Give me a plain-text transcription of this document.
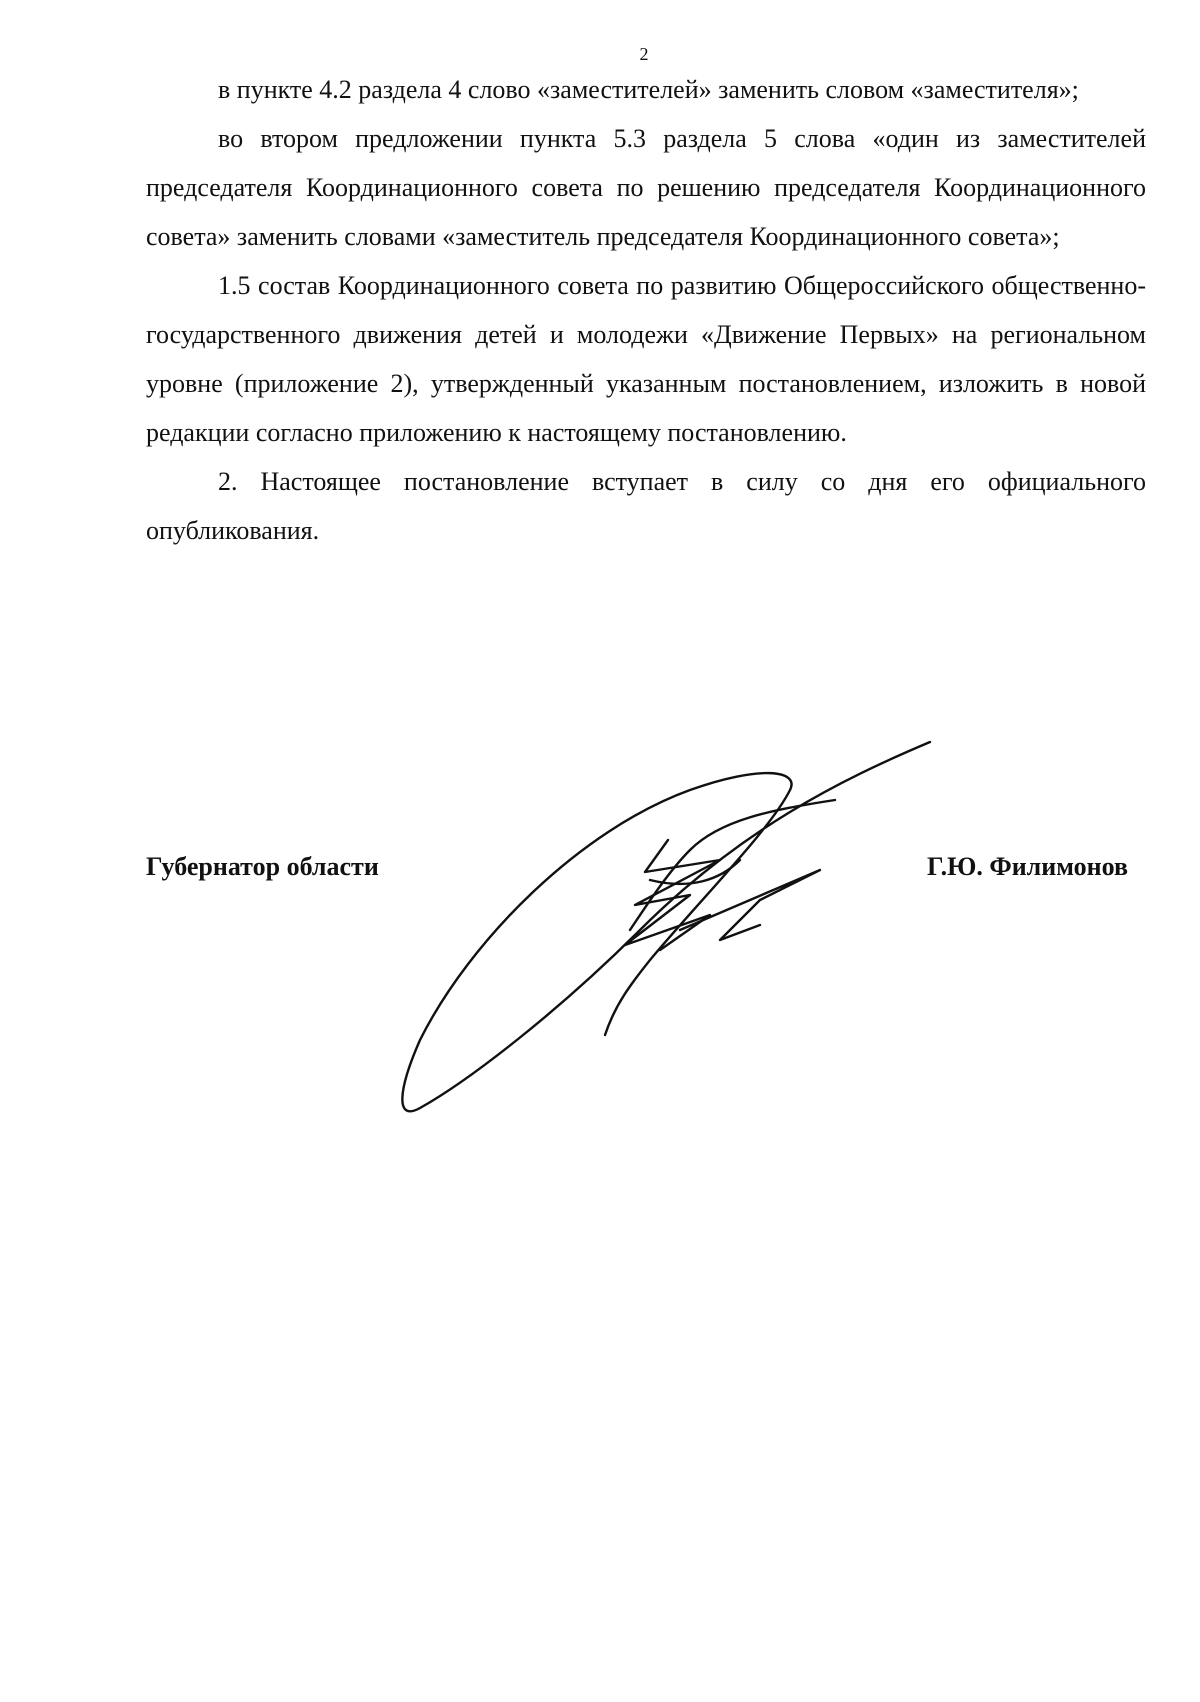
2

в пункте 4.2 раздела 4 слово «заместителей» заменить словом «заместителя»;

во втором предложении пункта 5.3 раздела 5 слова «один из заместителей председателя Координационного совета по решению председателя Координационного совета» заменить словами «заместитель председателя Координационного совета»;

1.5 состав Координационного совета по развитию Общероссийского общественно-государственного движения детей и молодежи «Движение Первых» на региональном уровне (приложение 2), утвержденный указанным постановлением, изложить в новой редакции согласно приложению к настоящему постановлению.

2. Настоящее постановление вступает в силу со дня его официального опубликования.

Губернатор области	Г.Ю. Филимонов
